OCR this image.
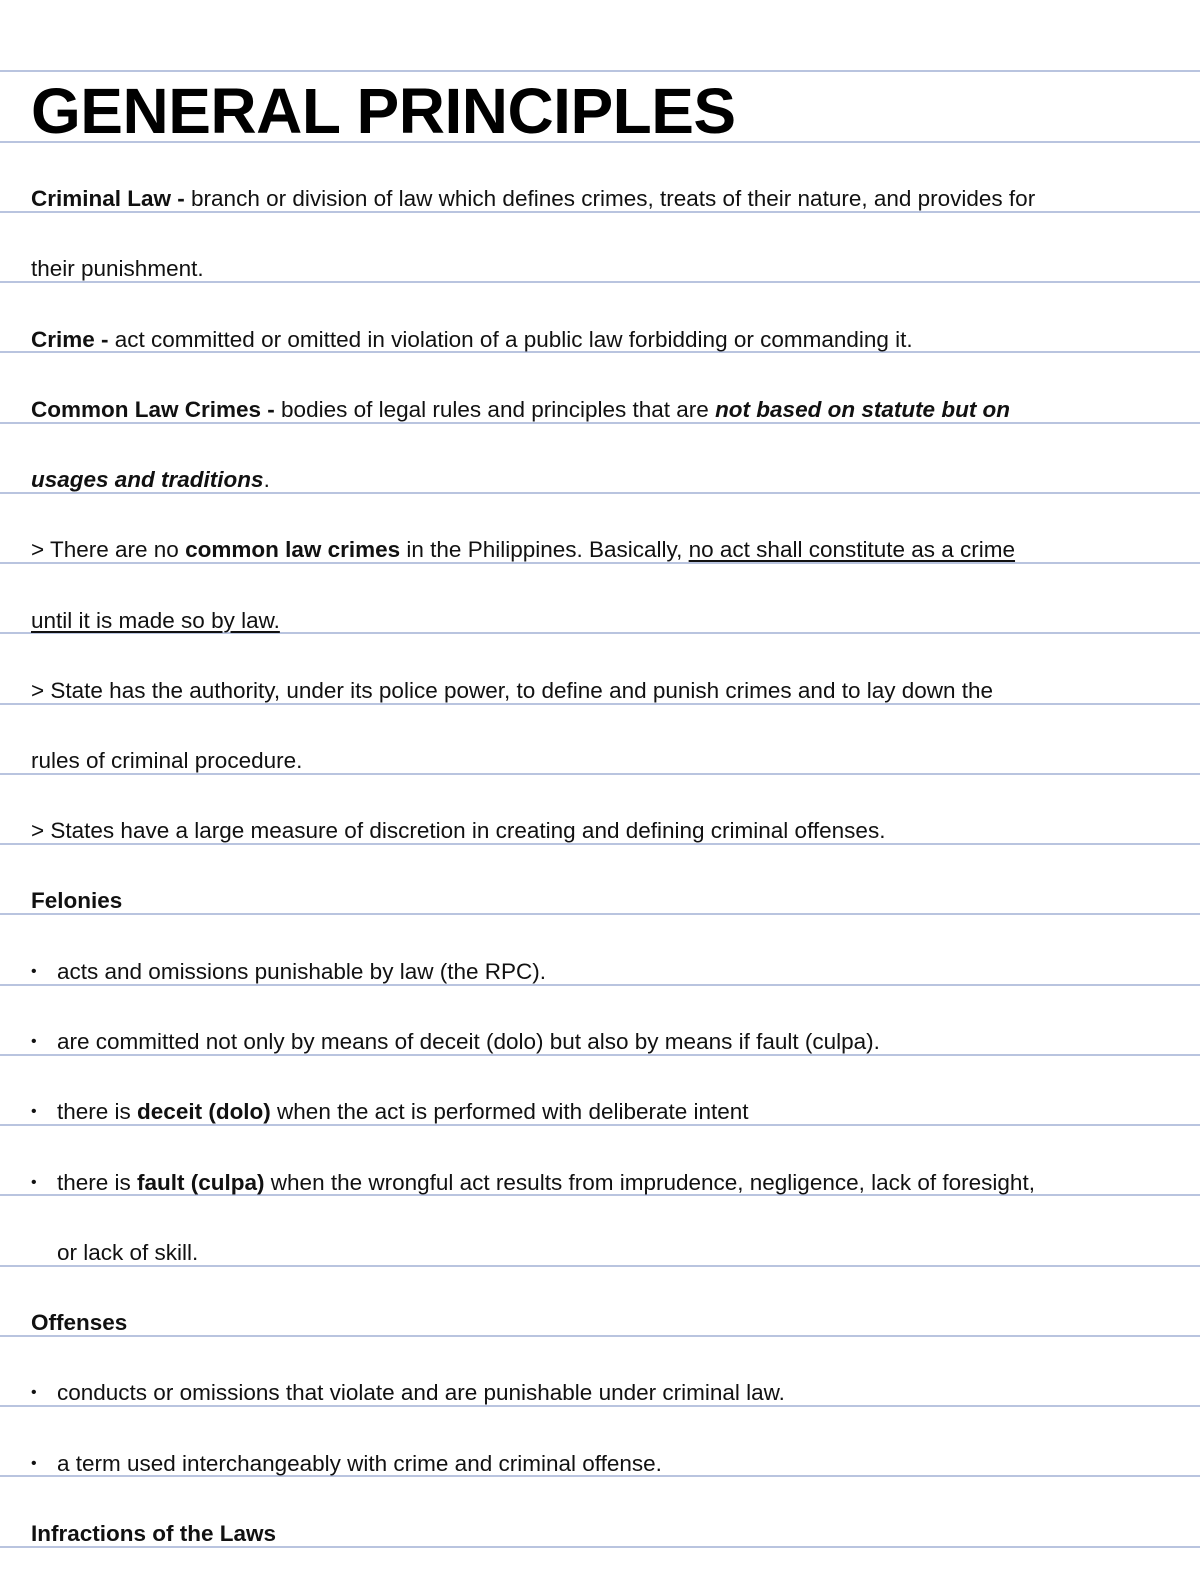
GENERAL PRINCIPLES
Criminal Law - branch or division of law which defines crimes, treats of their nature, and provides for
their punishment.
Crime - act committed or omitted in violation of a public law forbidding or commanding it.
Common Law Crimes - bodies of legal rules and principles that are not based on statute but on
usages and traditions.
> There are no common law crimes in the Philippines. Basically, no act shall constitute as a crime
until it is made so by law.
> State has the authority, under its police power, to define and punish crimes and to lay down the
rules of criminal procedure.
> States have a large measure of discretion in creating and defining criminal offenses.
Felonies
• acts and omissions punishable by law (the RPC).
• are committed not only by means of deceit (dolo) but also by means if fault (culpa).
• there is deceit (dolo) when the act is performed with deliberate intent
• there is fault (culpa) when the wrongful act results from imprudence, negligence, lack of foresight,
or lack of skill.
Offenses
• conducts or omissions that violate and are punishable under criminal law.
• a term used interchangeably with crime and criminal offense.
Infractions of the Laws
